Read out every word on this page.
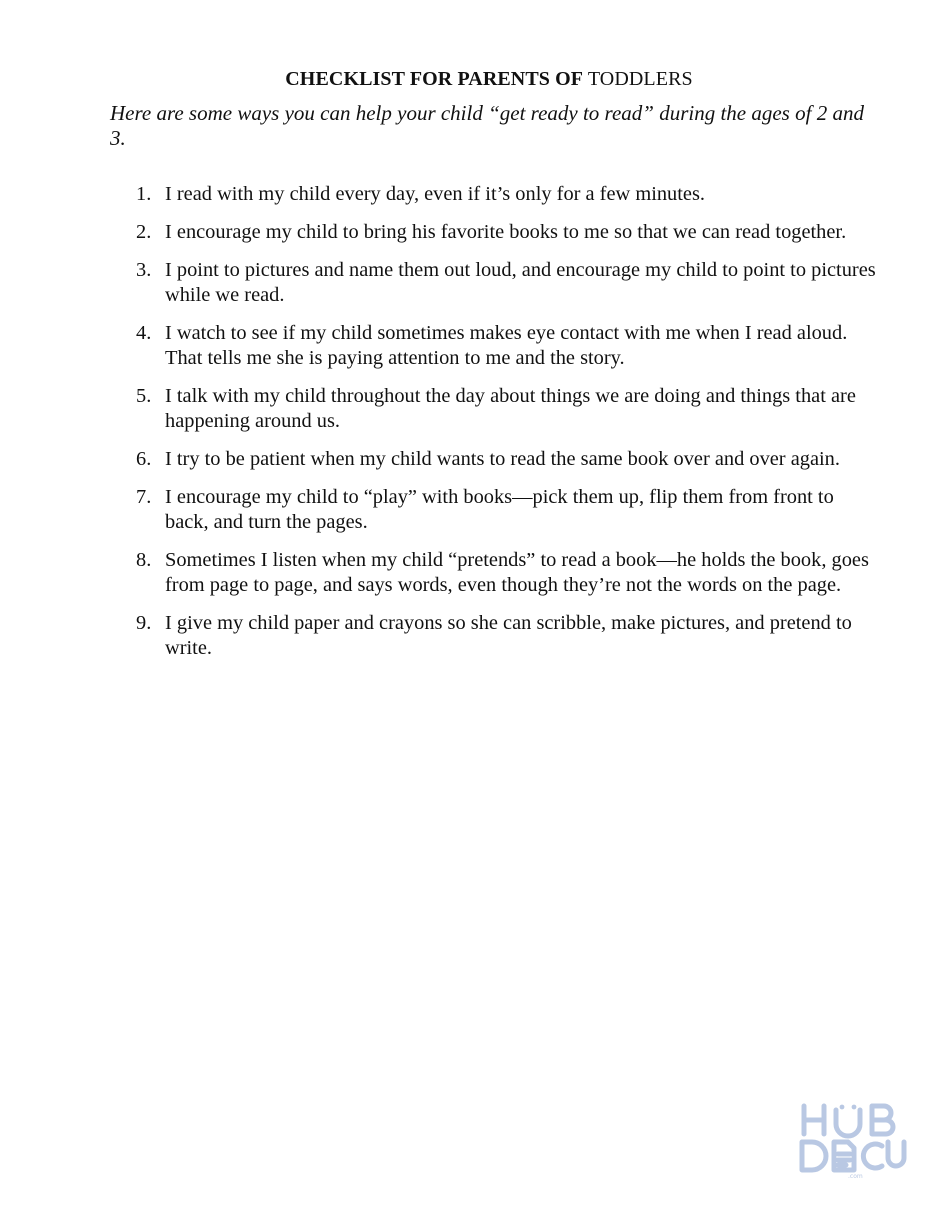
CHECKLIST FOR PARENTS OF TODDLERS
Here are some ways you can help your child “get ready to read” during the ages of 2 and 3.
1. I read with my child every day, even if it’s only for a few minutes.
2. I encourage my child to bring his favorite books to me so that we can read together.
3. I point to pictures and name them out loud, and encourage my child to point to pictures while we read.
4. I watch to see if my child sometimes makes eye contact with me when I read aloud. That tells me she is paying attention to me and the story.
5. I talk with my child throughout the day about things we are doing and things that are happening around us.
6. I try to be patient when my child wants to read the same book over and over again.
7. I encourage my child to “play” with books—pick them up, flip them from front to back, and turn the pages.
8. Sometimes I listen when my child “pretends” to read a book—he holds the book, goes from page to page, and says words, even though they’re not the words on the page.
9. I give my child paper and crayons so she can scribble, make pictures, and pretend to write.
.com
